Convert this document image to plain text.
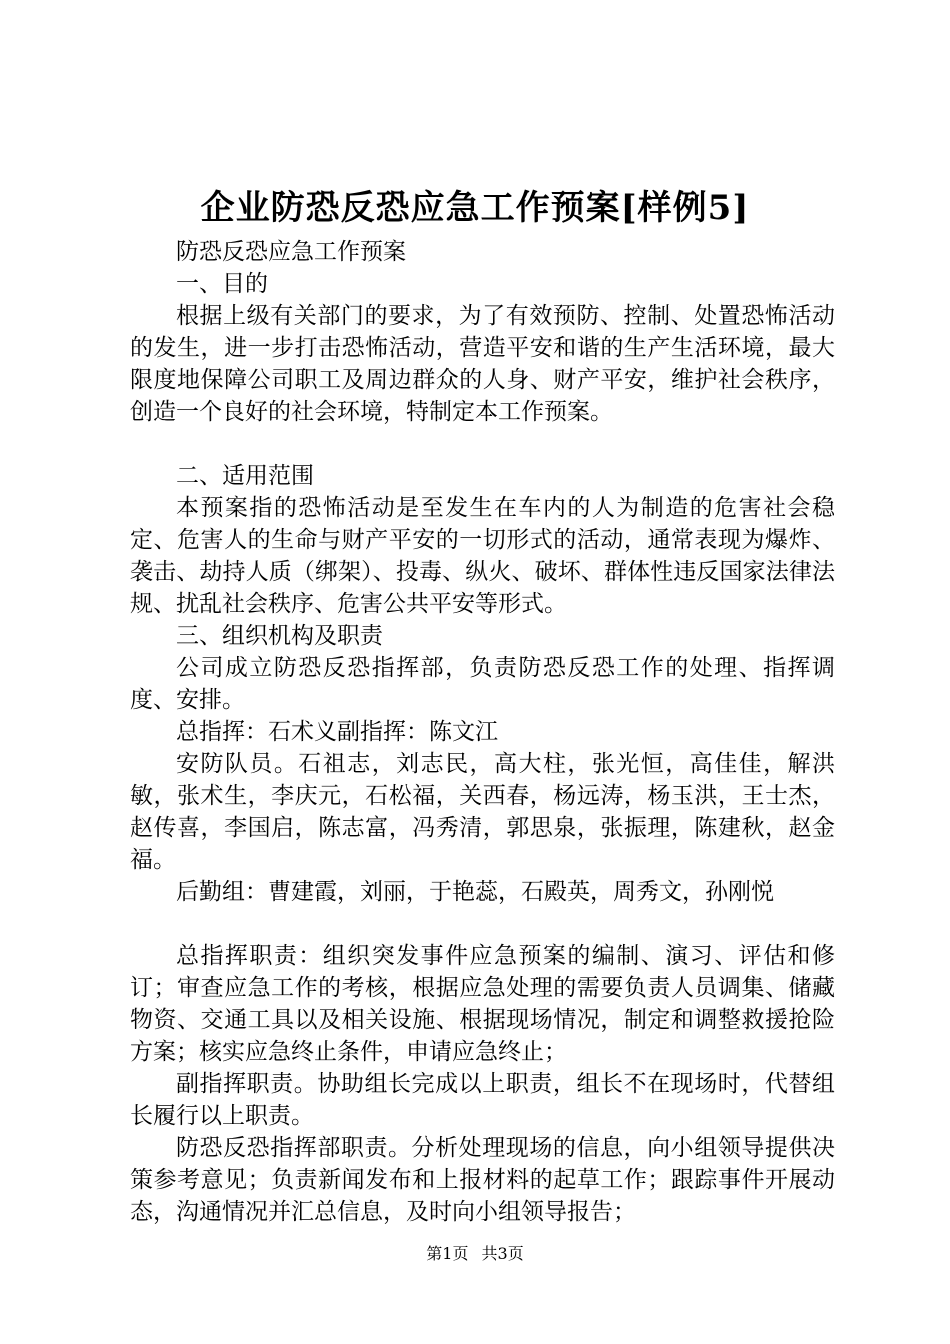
企业防恐反恐应急工作预案[样例5]

防恐反恐应急工作预案

一、目的

根据上级有关部门的要求，为了有效预防、控制、处置恐怖活动的发生，进一步打击恐怖活动，营造平安和谐的生产生活环境，最大限度地保障公司职工及周边群众的人身、财产平安，维护社会秩序，创造一个良好的社会环境，特制定本工作预案。

二、适用范围

本预案指的恐怖活动是至发生在车内的人为制造的危害社会稳定、危害人的生命与财产平安的一切形式的活动，通常表现为爆炸、袭击、劫持人质（绑架）、投毒、纵火、破坏、群体性违反国家法律法规、扰乱社会秩序、危害公共平安等形式。

三、组织机构及职责

公司成立防恐反恐指挥部，负责防恐反恐工作的处理、指挥调度、安排。

总指挥：石术义副指挥：陈文江

安防队员。石祖志，刘志民，高大柱，张光恒，高佳佳，解洪敏，张术生，李庆元，石松福，关西春，杨远涛，杨玉洪，王士杰，赵传喜，李国启，陈志富，冯秀清，郭思泉，张振理，陈建秋，赵金福。

后勤组：曹建霞，刘丽，于艳蕊，石殿英，周秀文，孙刚悦

总指挥职责：组织突发事件应急预案的编制、演习、评估和修订；审查应急工作的考核，根据应急处理的需要负责人员调集、储藏物资、交通工具以及相关设施、根据现场情况，制定和调整救援抢险方案；核实应急终止条件，申请应急终止；

副指挥职责。协助组长完成以上职责，组长不在现场时，代替组长履行以上职责。

防恐反恐指挥部职责。分析处理现场的信息，向小组领导提供决策参考意见；负责新闻发布和上报材料的起草工作；跟踪事件开展动态，沟通情况并汇总信息，及时向小组领导报告；

第1页 共3页
